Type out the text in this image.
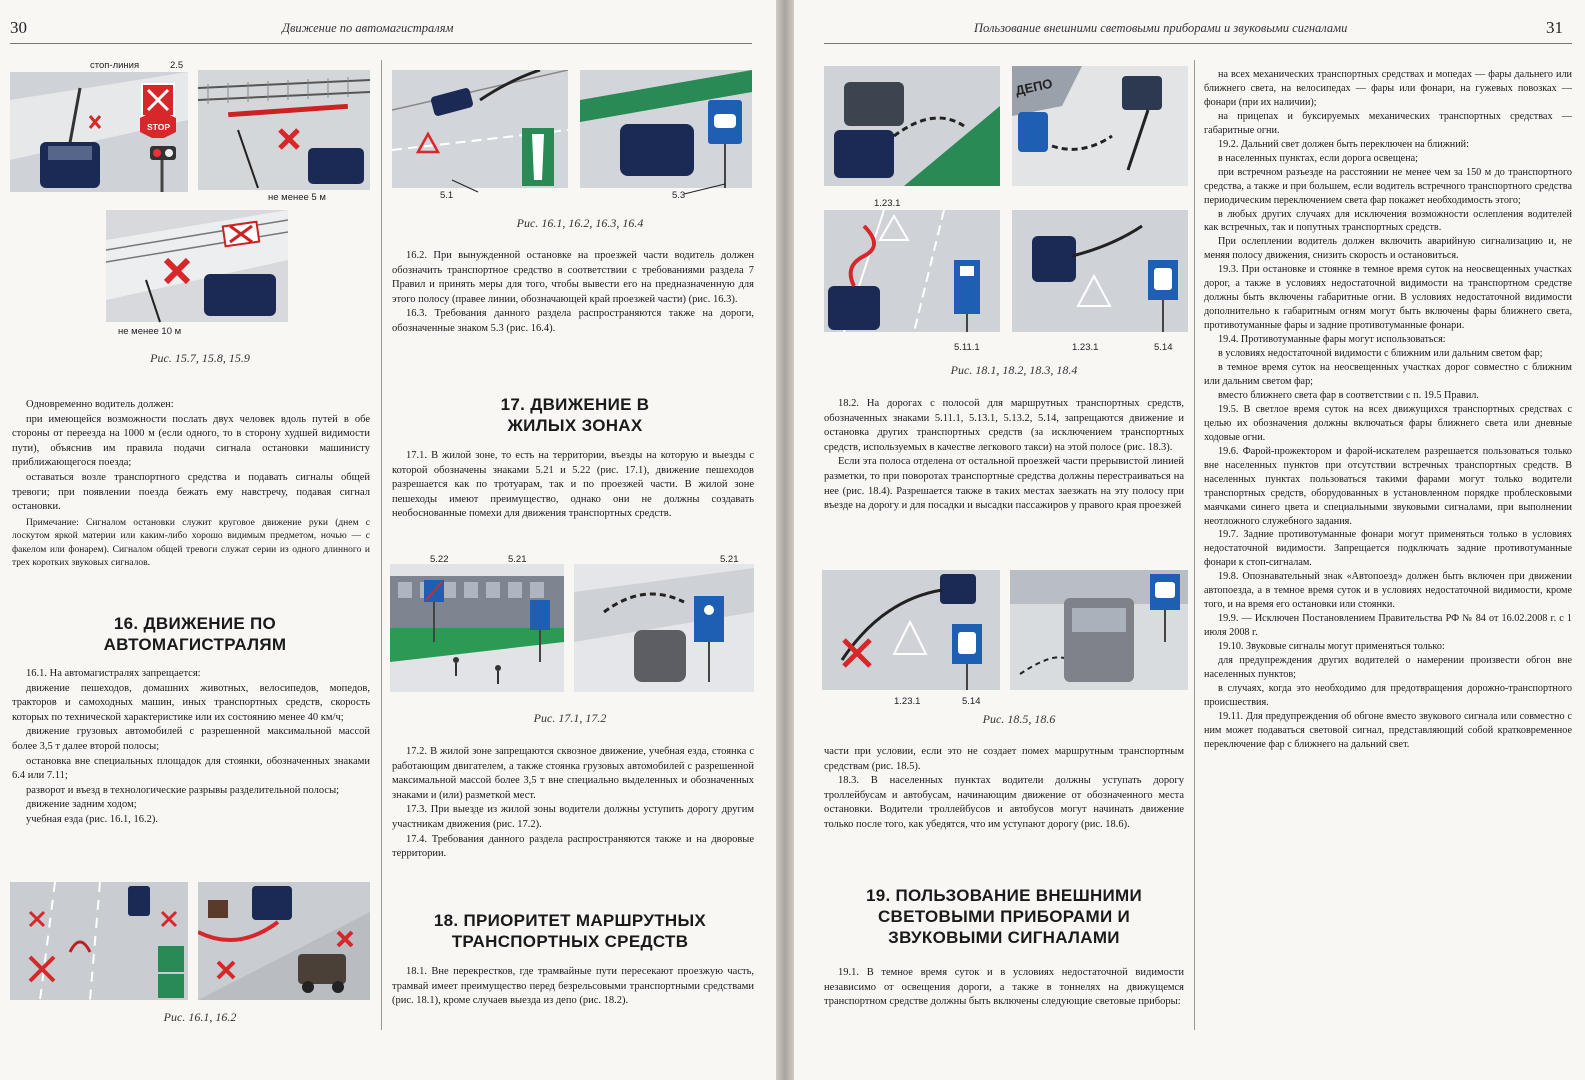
30	Движение по автомагистралям
стоп-линия	2.5
STOP
не менее 5 м
не менее 10 м
Рис. 15.7, 15.8, 15.9
Одновременно водитель должен:
при имеющейся возможности послать двух человек вдоль путей в обе стороны от переезда на 1000 м (если одного, то в сторону худшей видимости пути), объяснив им правила подачи сигнала остановки машинисту приближающегося поезда;
оставаться возле транспортного средства и подавать сигналы общей тревоги; при появлении поезда бежать ему навстречу, подавая сигнал остановки.
Примечание: Сигналом остановки служит круговое движение руки (днем с лоскутом яркой материи или каким-либо хорошо видимым предметом, ночью — с факелом или фонарем). Сигналом общей тревоги служат серии из одного длинного и трех коротких звуковых сигналов.
16. ДВИЖЕНИЕ ПО АВТОМАГИСТРАЛЯМ
16.1. На автомагистралях запрещается:
движение пешеходов, домашних животных, велосипедов, мопедов, тракторов и самоходных машин, иных транспортных средств, скорость которых по технической характеристике или их состоянию менее 40 км/ч;
движение грузовых автомобилей с разрешенной максимальной массой более 3,5 т далее второй полосы;
остановка вне специальных площадок для стоянки, обозначенных знаками 6.4 или 7.11;
разворот и въезд в технологические разрывы разделительной полосы;
движение задним ходом;
учебная езда (рис. 16.1, 16.2).
Рис. 16.1, 16.2
5.1	5.3
Рис. 16.1, 16.2, 16.3, 16.4
16.2. При вынужденной остановке на проезжей части водитель должен обозначить транспортное средство в соответствии с требованиями раздела 7 Правил и принять меры для того, чтобы вывести его на предназначенную для этого полосу (правее линии, обозначающей край проезжей части) (рис. 16.3).
16.3. Требования данного раздела распространяются также на дороги, обозначенные знаком 5.3 (рис. 16.4).
17. ДВИЖЕНИЕ В ЖИЛЫХ ЗОНАХ
17.1. В жилой зоне, то есть на территории, въезды на которую и выезды с которой обозначены знаками 5.21 и 5.22 (рис. 17.1), движение пешеходов разрешается как по тротуарам, так и по проезжей части. В жилой зоне пешеходы имеют преимущество, однако они не должны создавать необоснованные помехи для движения транспортных средств.
5.22	5.21	5.21
Рис. 17.1, 17.2
17.2. В жилой зоне запрещаются сквозное движение, учебная езда, стоянка с работающим двигателем, а также стоянка грузовых автомобилей с разрешенной максимальной массой более 3,5 т вне специально выделенных и обозначенных знаками и (или) разметкой мест.
17.3. При выезде из жилой зоны водители должны уступить дорогу другим участникам движения (рис. 17.2).
17.4. Требования данного раздела распространяются также и на дворовые территории.
18. ПРИОРИТЕТ МАРШРУТНЫХ ТРАНСПОРТНЫХ СРЕДСТВ
18.1. Вне перекрестков, где трамвайные пути пересекают проезжую часть, трамвай имеет преимущество перед безрельсовыми транспортными средствами (рис. 18.1), кроме случаев выезда из депо (рис. 18.2).
Пользование внешними световыми приборами и звуковыми сигналами	31
ДЕПО
1.23.1
5.11.1	1.23.1	5.14
Рис. 18.1, 18.2, 18.3, 18.4
18.2. На дорогах с полосой для маршрутных транспортных средств, обозначенных знаками 5.11.1, 5.13.1, 5.13.2, 5.14, запрещаются движение и остановка других транспортных средств (за исключением транспортных средств, используемых в качестве легкового такси) на этой полосе (рис. 18.3).
Если эта полоса отделена от остальной проезжей части прерывистой линией разметки, то при поворотах транспортные средства должны перестраиваться на нее (рис. 18.4). Разрешается также в таких местах заезжать на эту полосу при въезде на дорогу и для посадки и высадки пассажиров у правого края проезжей
1.23.1	5.14
Рис. 18.5, 18.6
части при условии, если это не создает помех маршрутным транспортным средствам (рис. 18.5).
18.3. В населенных пунктах водители должны уступать дорогу троллейбусам и автобусам, начинающим движение от обозначенного места остановки. Водители троллейбусов и автобусов могут начинать движение только после того, как убедятся, что им уступают дорогу (рис. 18.6).
19. ПОЛЬЗОВАНИЕ ВНЕШНИМИ СВЕТОВЫМИ ПРИБОРАМИ И ЗВУКОВЫМИ СИГНАЛАМИ
19.1. В темное время суток и в условиях недостаточной видимости независимо от освещения дороги, а также в тоннелях на движущемся транспортном средстве должны быть включены следующие световые приборы:
на всех механических транспортных средствах и мопедах — фары дальнего или ближнего света, на велосипедах — фары или фонари, на гужевых повозках — фонари (при их наличии);
на прицепах и буксируемых механических транспортных средствах — габаритные огни.
19.2. Дальний свет должен быть переключен на ближний:
в населенных пунктах, если дорога освещена;
при встречном разъезде на расстоянии не менее чем за 150 м до транспортного средства, а также и при большем, если водитель встречного транспортного средства периодическим переключением света фар покажет необходимость этого;
в любых других случаях для исключения возможности ослепления водителей как встречных, так и попутных транспортных средств.
При ослеплении водитель должен включить аварийную сигнализацию и, не меняя полосу движения, снизить скорость и остановиться.
19.3. При остановке и стоянке в темное время суток на неосвещенных участках дорог, а также в условиях недостаточной видимости на транспортном средстве должны быть включены габаритные огни. В условиях недостаточной видимости дополнительно к габаритным огням могут быть включены фары ближнего света, противотуманные фары и задние противотуманные фонари.
19.4. Противотуманные фары могут использоваться:
в условиях недостаточной видимости с ближним или дальним светом фар;
в темное время суток на неосвещенных участках дорог совместно с ближним или дальним светом фар;
вместо ближнего света фар в соответствии с п. 19.5 Правил.
19.5. В светлое время суток на всех движущихся транспортных средствах с целью их обозначения должны включаться фары ближнего света или дневные ходовые огни.
19.6. Фарой-прожектором и фарой-искателем разрешается пользоваться только вне населенных пунктов при отсутствии встречных транспортных средств. В населенных пунктах пользоваться такими фарами могут только водители транспортных средств, оборудованных в установленном порядке проблесковыми маячками синего цвета и специальными звуковыми сигналами, при выполнении неотложного служебного задания.
19.7. Задние противотуманные фонари могут применяться только в условиях недостаточной видимости. Запрещается подключать задние противотуманные фонари к стоп-сигналам.
19.8. Опознавательный знак «Автопоезд» должен быть включен при движении автопоезда, а в темное время суток и в условиях недостаточной видимости, кроме того, и на время его остановки или стоянки.
19.9. — Исключен Постановлением Правительства РФ № 84 от 16.02.2008 г. с 1 июля 2008 г.
19.10. Звуковые сигналы могут применяться только:
для предупреждения других водителей о намерении произвести обгон вне населенных пунктов;
в случаях, когда это необходимо для предотвращения дорожно-транспортного происшествия.
19.11. Для предупреждения об обгоне вместо звукового сигнала или совместно с ним может подаваться световой сигнал, представляющий собой кратковременное переключение фар с ближнего на дальний свет.
